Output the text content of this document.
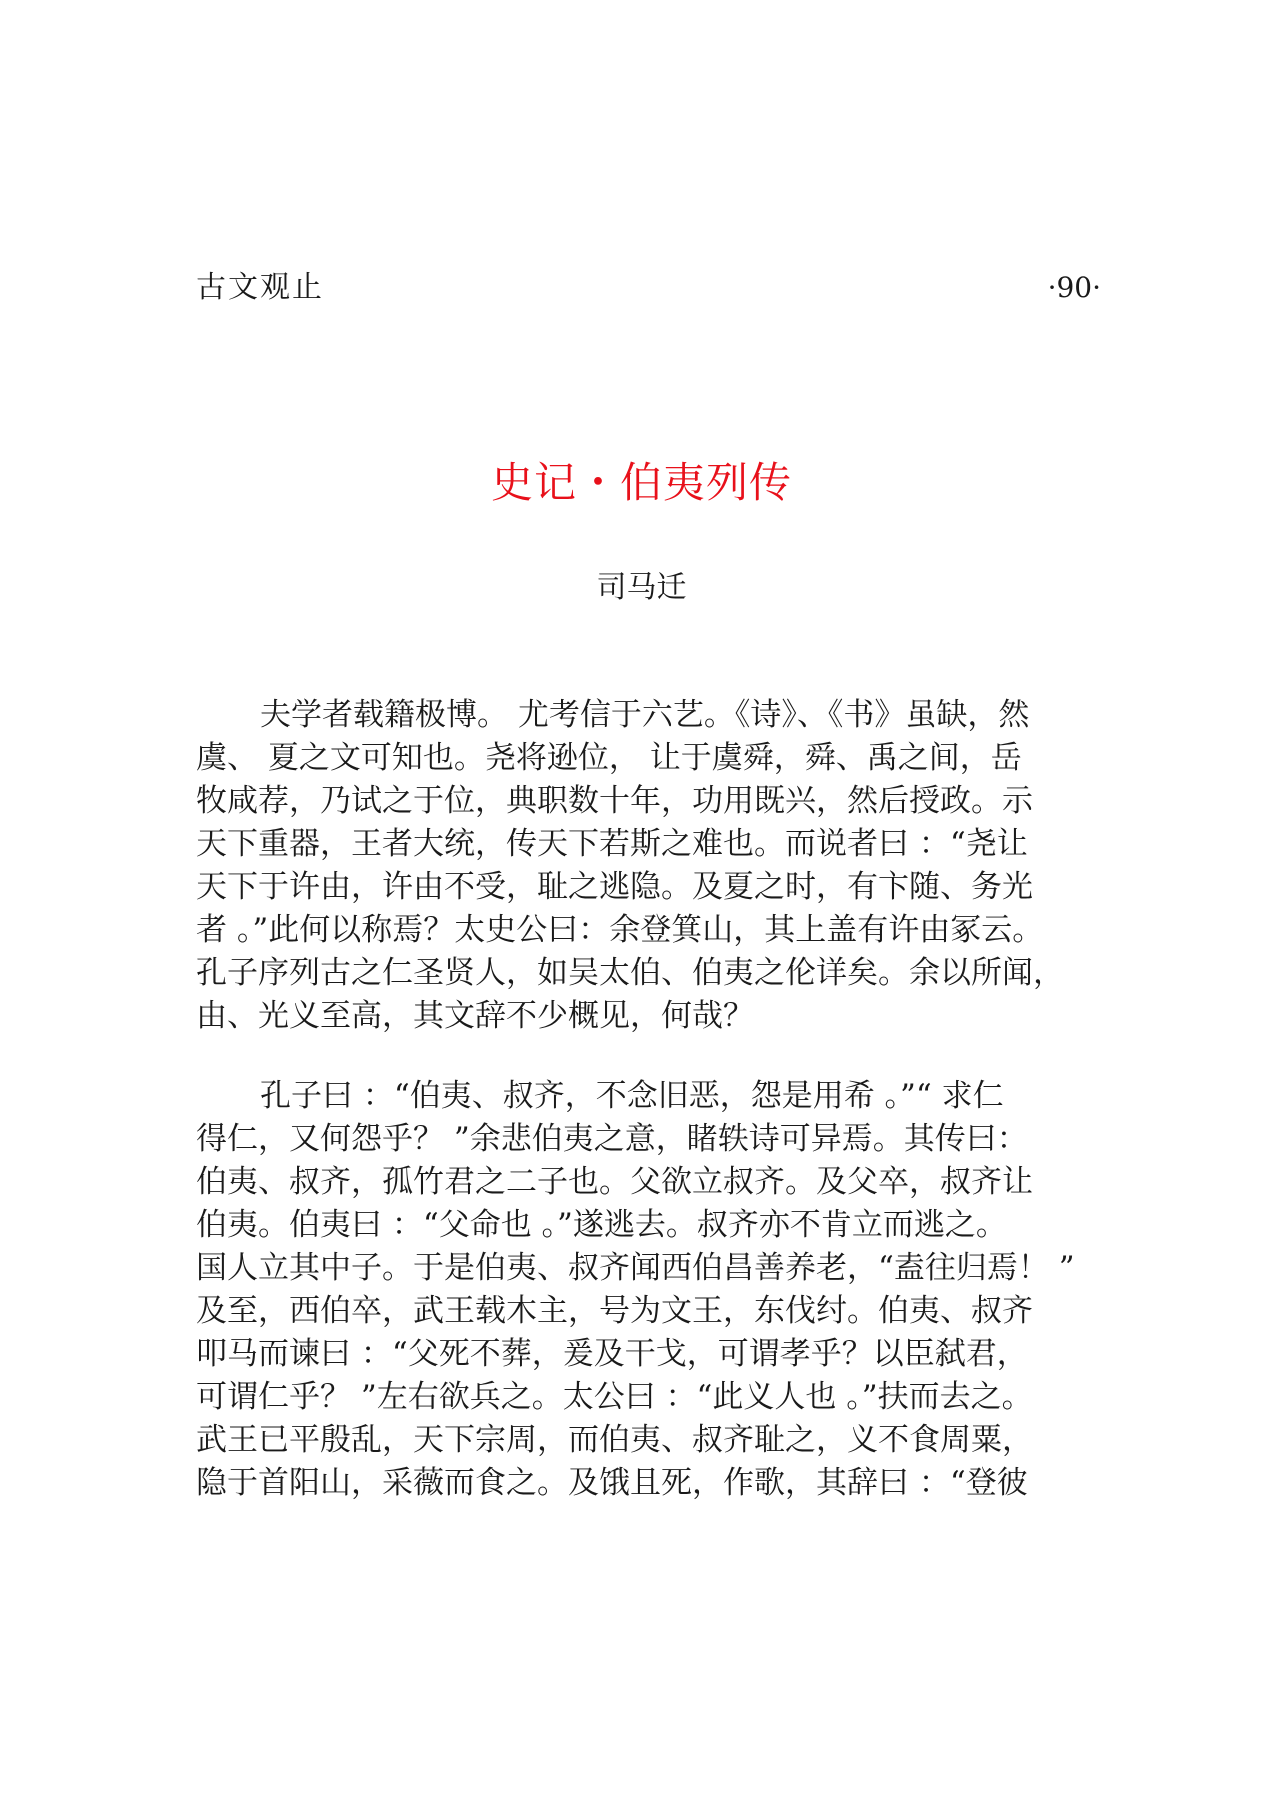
古文观止	·90·
史记・伯夷列传
司马迁
夫学者载籍极博。 尤考信于六艺。《诗》、《书》虽缺，然
虞、 夏之文可知也。尧将逊位， 让于虞舜，舜、禹之间，岳
牧咸荐，乃试之于位，典职数十年，功用既兴，然后授政。示
天下重器，王者大统，传天下若斯之难也。而说者曰 ：“尧让
天下于许由，许由不受，耻之逃隐。及夏之时，有卞随、务光
者 。”此何以称焉？太史公曰：余登箕山，其上盖有许由冢云。
孔子序列古之仁圣贤人，如吴太伯、伯夷之伦详矣。余以所闻，
由、光义至高，其文辞不少概见，何哉？
孔子曰 ：“伯夷、叔齐，不念旧恶，怨是用希 。”“ 求仁
得仁，又何怨乎？ ”余悲伯夷之意，睹轶诗可异焉。其传曰：
伯夷、叔齐，孤竹君之二子也。父欲立叔齐。及父卒，叔齐让
伯夷。伯夷曰 ：“父命也 。”遂逃去。叔齐亦不肯立而逃之。
国人立其中子。于是伯夷、叔齐闻西伯昌善养老，“盍往归焉！ ”
及至，西伯卒，武王载木主，号为文王，东伐纣。伯夷、叔齐
叩马而谏曰 ：“父死不葬，爰及干戈，可谓孝乎？以臣弑君，
可谓仁乎？ ”左右欲兵之。太公曰 ：“此义人也 。”扶而去之。
武王已平殷乱，天下宗周，而伯夷、叔齐耻之，义不食周粟，
隐于首阳山，采薇而食之。及饿且死，作歌，其辞曰 ：“登彼
